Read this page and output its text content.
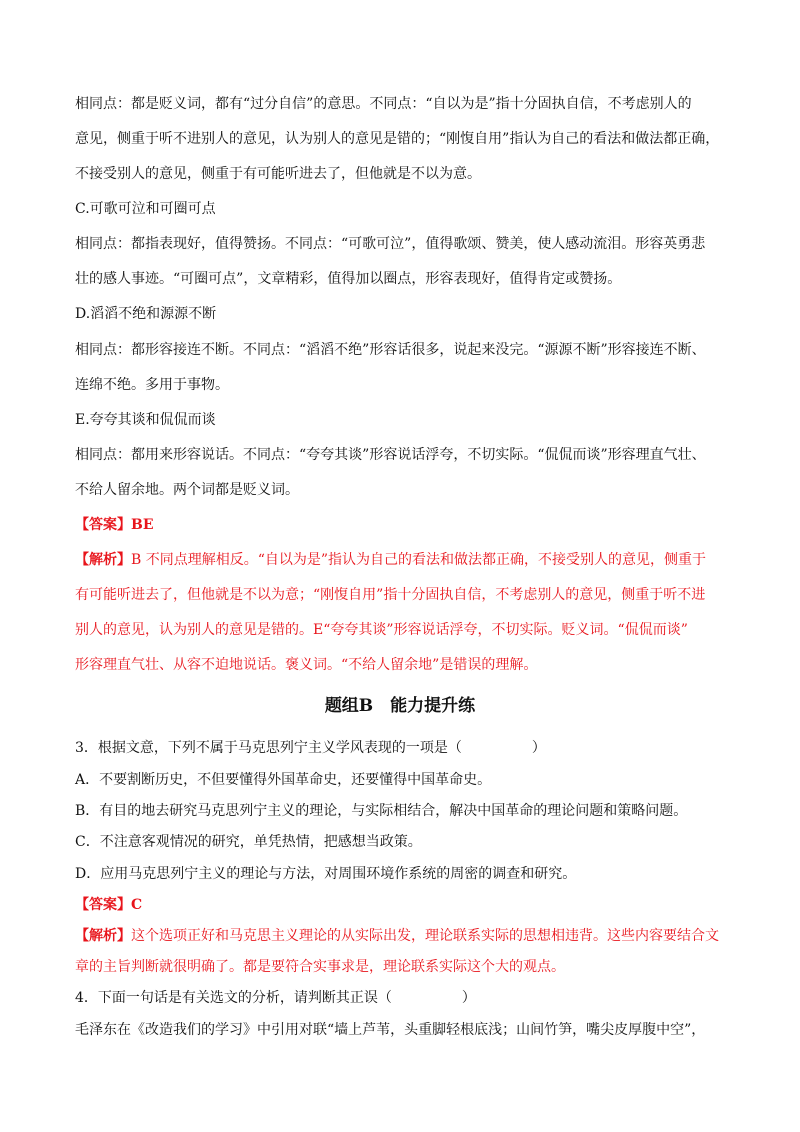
相同点：都是贬义词，都有“过分自信”的意思。不同点：“自以为是”指十分固执自信，不考虑别人的
意见，侧重于听不进别人的意见，认为别人的意见是错的；“刚愎自用”指认为自己的看法和做法都正确，
不接受别人的意见，侧重于有可能听进去了，但他就是不以为意。
C.可歌可泣和可圈可点
相同点：都指表现好，值得赞扬。不同点：“可歌可泣”，值得歌颂、赞美，使人感动流泪。形容英勇悲
壮的感人事迹。“可圈可点”，文章精彩，值得加以圈点，形容表现好，值得肯定或赞扬。
D.滔滔不绝和源源不断
相同点：都形容接连不断。不同点：“滔滔不绝”形容话很多，说起来没完。“源源不断”形容接连不断、
连绵不绝。多用于事物。
E.夸夸其谈和侃侃而谈
相同点：都用来形容说话。不同点：“夸夸其谈”形容说话浮夸，不切实际。“侃侃而谈”形容理直气壮、
不给人留余地。两个词都是贬义词。
【答案】BE
【解析】B 不同点理解相反。“自以为是”指认为自己的看法和做法都正确，不接受别人的意见，侧重于
有可能听进去了，但他就是不以为意；“刚愎自用”指十分固执自信，不考虑别人的意见，侧重于听不进
别人的意见，认为别人的意见是错的。E“夸夸其谈”形容说话浮夸，不切实际。贬义词。“侃侃而谈”
形容理直气壮、从容不迫地说话。褒义词。“不给人留余地”是错误的理解。
题组B　能力提升练
3．根据文意，下列不属于马克思列宁主义学风表现的一项是（　　　　　）
A．不要割断历史，不但要懂得外国革命史，还要懂得中国革命史。
B．有目的地去研究马克思列宁主义的理论，与实际相结合，解决中国革命的理论问题和策略问题。
C．不注意客观情况的研究，单凭热情，把感想当政策。
D．应用马克思列宁主义的理论与方法，对周围环境作系统的周密的调查和研究。
【答案】C
【解析】这个选项正好和马克思主义理论的从实际出发，理论联系实际的思想相违背。这些内容要结合文
章的主旨判断就很明确了。都是要符合实事求是，理论联系实际这个大的观点。
4．下面一句话是有关选文的分析，请判断其正误（　　　　　）
毛泽东在《改造我们的学习》中引用对联“墙上芦苇，头重脚轻根底浅；山间竹笋，嘴尖皮厚腹中空”，
